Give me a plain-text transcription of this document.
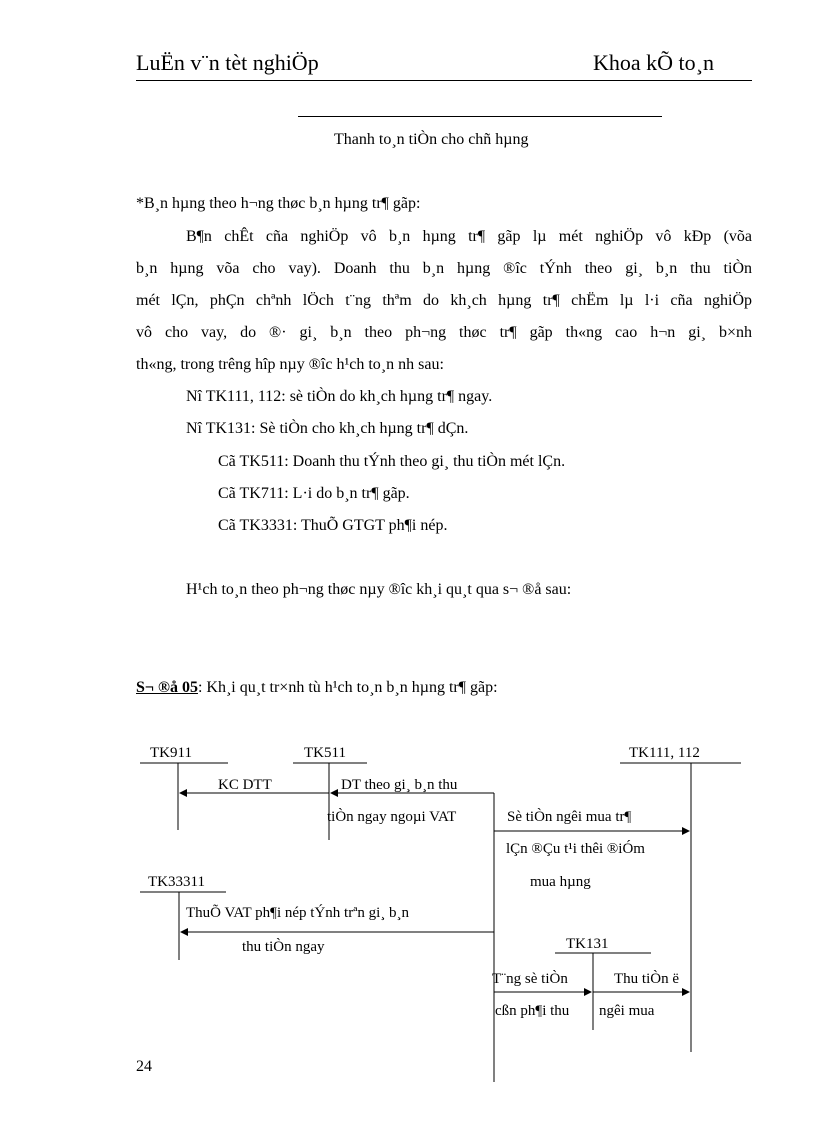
LuËn v¨n tèt nghiÖp	Khoa kÕ to¸n
Thanh to¸n tiÒn cho chñ hµng
*B¸n hµng theo h¬ng thøc b¸n hµng tr¶ gãp:
B¶n chÊt cña nghiÖp vô b¸n hµng tr¶ gãp lµ mét nghiÖp vô kÐp (võa
b¸n hµng võa cho vay). Doanh thu b¸n hµng ®îc tÝnh theo gi¸ b¸n thu tiÒn
mét lÇn, phÇn chªnh lÖch t¨ng thªm do kh¸ch hµng tr¶ chËm lµ l·i cña nghiÖp
vô cho vay, do ®· gi¸ b¸n theo ph¬ng thøc tr¶ gãp th«ng cao h¬n gi¸ b×nh
th«ng, trong trêng hîp nµy ®îc h¹ch to¸n nh sau:
Nî TK111, 112: sè tiÒn do kh¸ch hµng tr¶ ngay.
Nî TK131: Sè tiÒn cho kh¸ch hµng tr¶ dÇn.
Cã TK511: Doanh thu tÝnh theo gi¸ thu tiÒn mét lÇn.
Cã TK711: L·i do b¸n tr¶ gãp.
Cã TK3331: ThuÕ GTGT ph¶i nép.
H¹ch to¸n theo ph¬ng thøc nµy ®îc kh¸i qu¸t qua s¬ ®å sau:
S¬ ®å 05: Kh¸i qu¸t tr×nh tù h¹ch to¸n b¸n hµng tr¶ gãp:
TK911	TK511	TK111, 112
TK33311
TK131
KC DTT	DT theo gi¸ b¸n thu
tiÒn ngay ngoµi VAT	Sè tiÒn ngêi mua tr¶
lÇn ®Çu t¹i thêi ®iÓm
mua hµng
ThuÕ VAT ph¶i nép tÝnh trªn gi¸ b¸n
thu tiÒn ngay
T¨ng sè tiÒn
cßn ph¶i thu
Thu tiÒn ë
ngêi mua
24
